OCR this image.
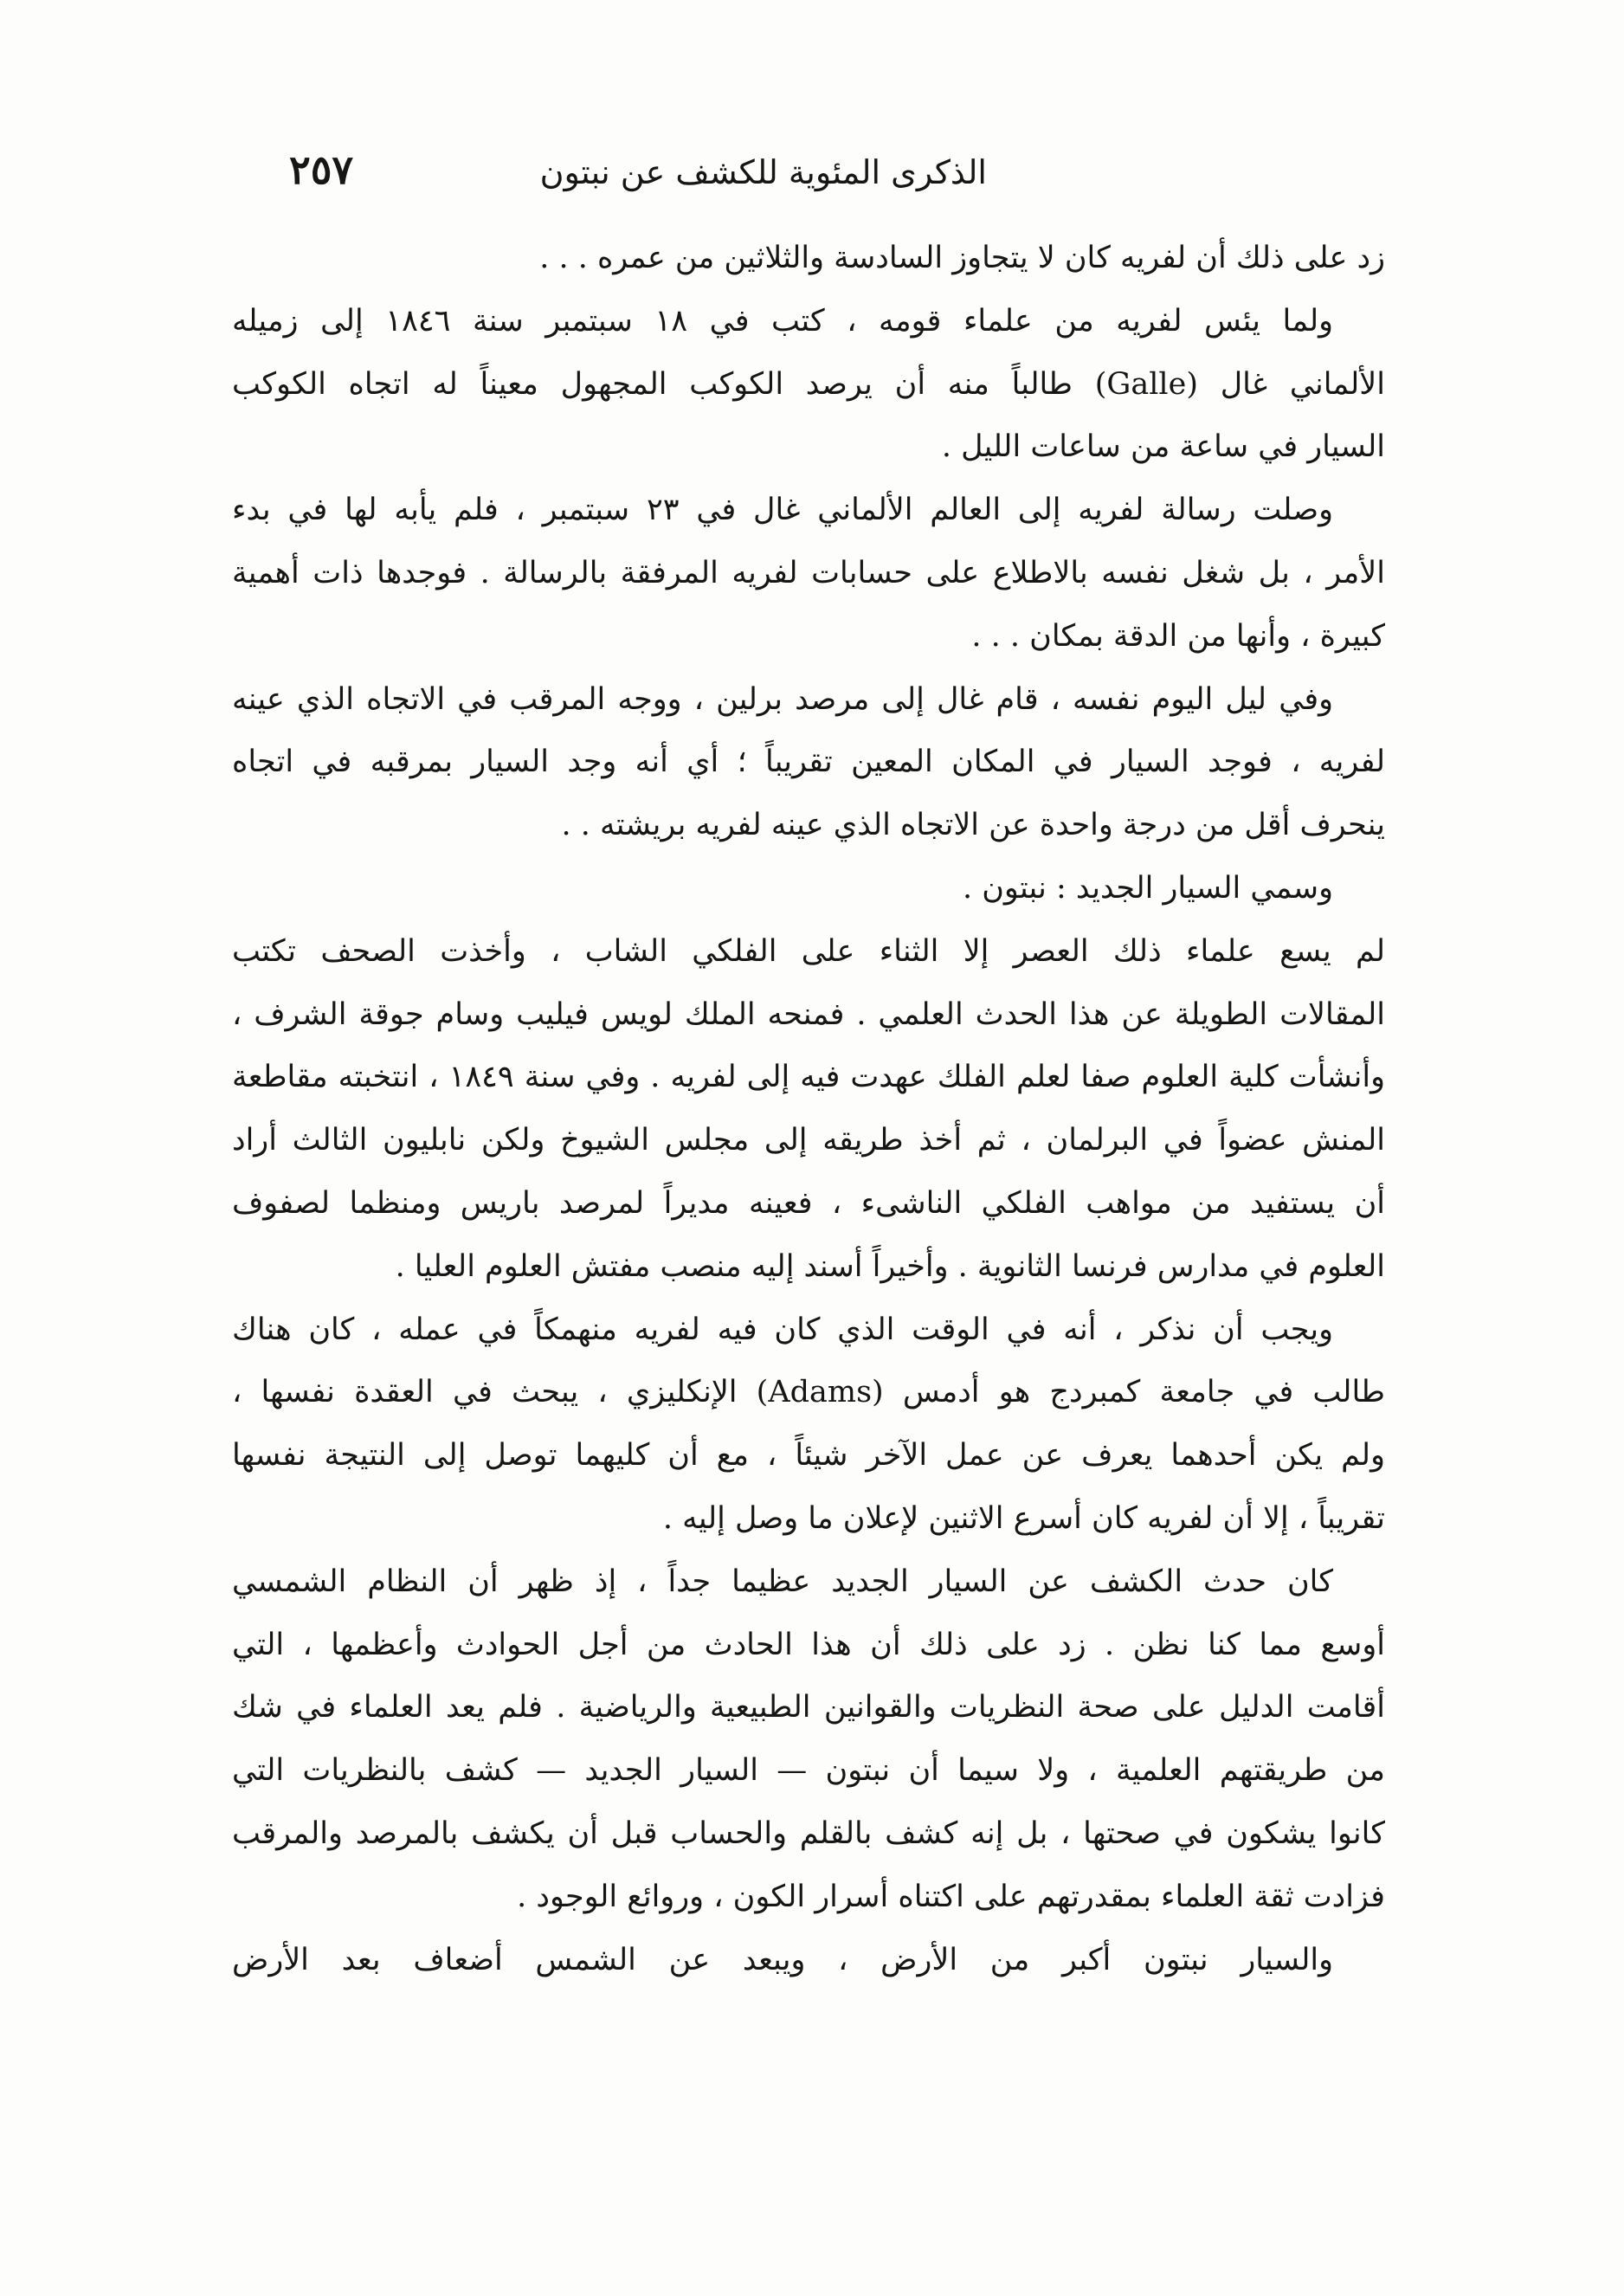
الذكرى المئوية للكشف عن نبتون
٢٥٧
زد على ذلك أن لفريه كان لا يتجاوز السادسة والثلاثين من عمره . . .
ولما يئس لفريه من علماء قومه ، كتب في ١٨ سبتمبر سنة ١٨٤٦ إلى زميله
الألماني غال (Galle) طالباً منه أن يرصد الكوكب المجهول معيناً له اتجاه الكوكب
السيار في ساعة من ساعات الليل .
وصلت رسالة لفريه إلى العالم الألماني غال في ٢٣ سبتمبر ، فلم يأبه لها في بدء
الأمر ، بل شغل نفسه بالاطلاع على حسابات لفريه المرفقة بالرسالة . فوجدها ذات أهمية
كبيرة ، وأنها من الدقة بمكان . . .
وفي ليل اليوم نفسه ، قام غال إلى مرصد برلين ، ووجه المرقب في الاتجاه الذي عينه
لفريه ، فوجد السيار في المكان المعين تقريباً ؛ أي أنه وجد السيار بمرقبه في اتجاه
ينحرف أقل من درجة واحدة عن الاتجاه الذي عينه لفريه بريشته . .
وسمي السيار الجديد : نبتون .
لم يسع علماء ذلك العصر إلا الثناء على الفلكي الشاب ، وأخذت الصحف تكتب
المقالات الطويلة عن هذا الحدث العلمي . فمنحه الملك لويس فيليب وسام جوقة الشرف ،
وأنشأت كلية العلوم صفا لعلم الفلك عهدت فيه إلى لفريه . وفي سنة ١٨٤٩ ، انتخبته مقاطعة
المنش عضواً في البرلمان ، ثم أخذ طريقه إلى مجلس الشيوخ ولكن نابليون الثالث أراد
أن يستفيد من مواهب الفلكي الناشىء ، فعينه مديراً لمرصد باريس ومنظما لصفوف
العلوم في مدارس فرنسا الثانوية . وأخيراً أسند إليه منصب مفتش العلوم العليا .
ويجب أن نذكر ، أنه في الوقت الذي كان فيه لفريه منهمكاً في عمله ، كان هناك
طالب في جامعة كمبردج هو أدمس (Adams) الإنكليزي ، يبحث في العقدة نفسها ،
ولم يكن أحدهما يعرف عن عمل الآخر شيئاً ، مع أن كليهما توصل إلى النتيجة نفسها
تقريباً ، إلا أن لفريه كان أسرع الاثنين لإعلان ما وصل إليه .
كان حدث الكشف عن السيار الجديد عظيما جداً ، إذ ظهر أن النظام الشمسي
أوسع مما كنا نظن . زد على ذلك أن هذا الحادث من أجل الحوادث وأعظمها ، التي
أقامت الدليل على صحة النظريات والقوانين الطبيعية والرياضية . فلم يعد العلماء في شك
من طريقتهم العلمية ، ولا سيما أن نبتون — السيار الجديد — كشف بالنظريات التي
كانوا يشكون في صحتها ، بل إنه كشف بالقلم والحساب قبل أن يكشف بالمرصد والمرقب
فزادت ثقة العلماء بمقدرتهم على اكتناه أسرار الكون ، وروائع الوجود .
والسيار نبتون أكبر من الأرض ، ويبعد عن الشمس أضعاف بعد الأرض
